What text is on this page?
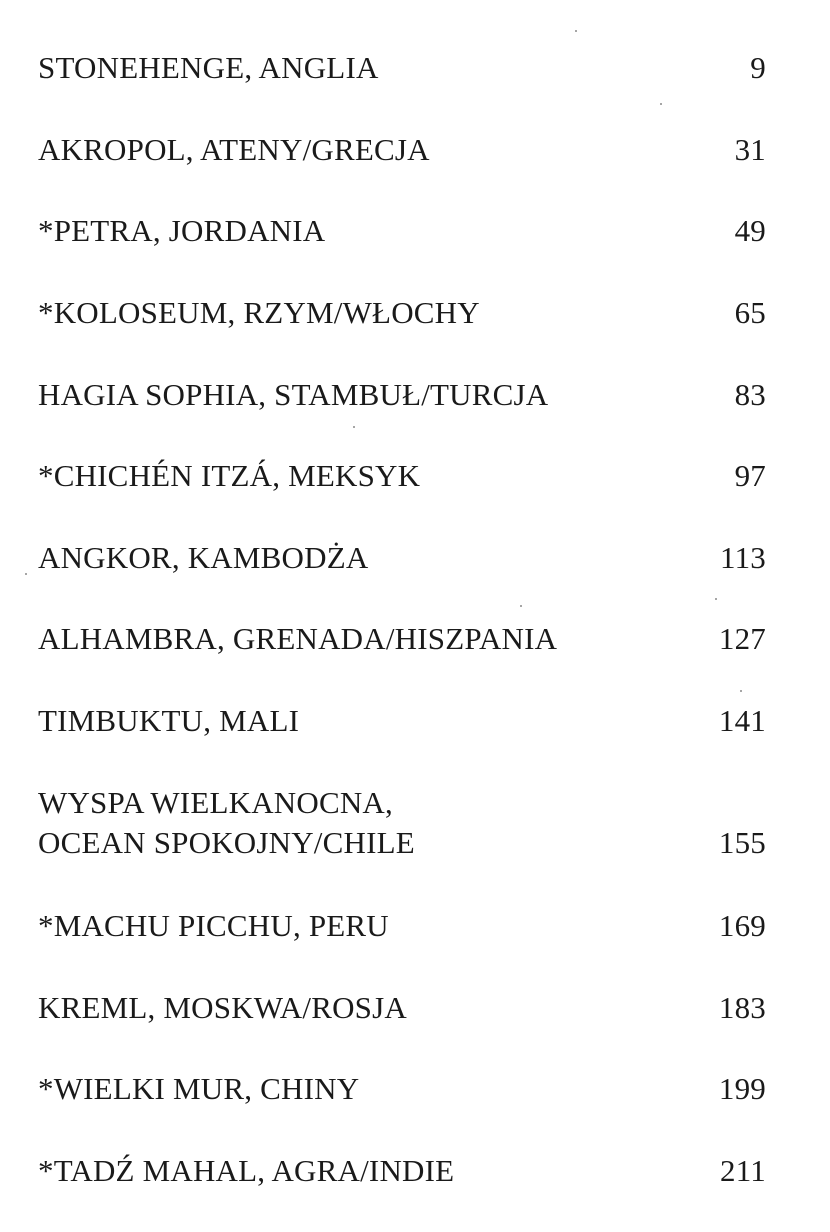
STONEHENGE, ANGLIA	9
AKROPOL, ATENY/GRECJA	31
*PETRA, JORDANIA	49
*KOLOSEUM, RZYM/WŁOCHY	65
HAGIA SOPHIA, STAMBUŁ/TURCJA	83
*CHICHÉN ITZÁ, MEKSYK	97
ANGKOR, KAMBODŻA	113
ALHAMBRA, GRENADA/HISZPANIA	127
TIMBUKTU, MALI	141
WYSPA WIELKANOCNA,
OCEAN SPOKOJNY/CHILE	155
*MACHU PICCHU, PERU	169
KREML, MOSKWA/ROSJA	183
*WIELKI MUR, CHINY	199
*TADŹ MAHAL, AGRA/INDIE	211
